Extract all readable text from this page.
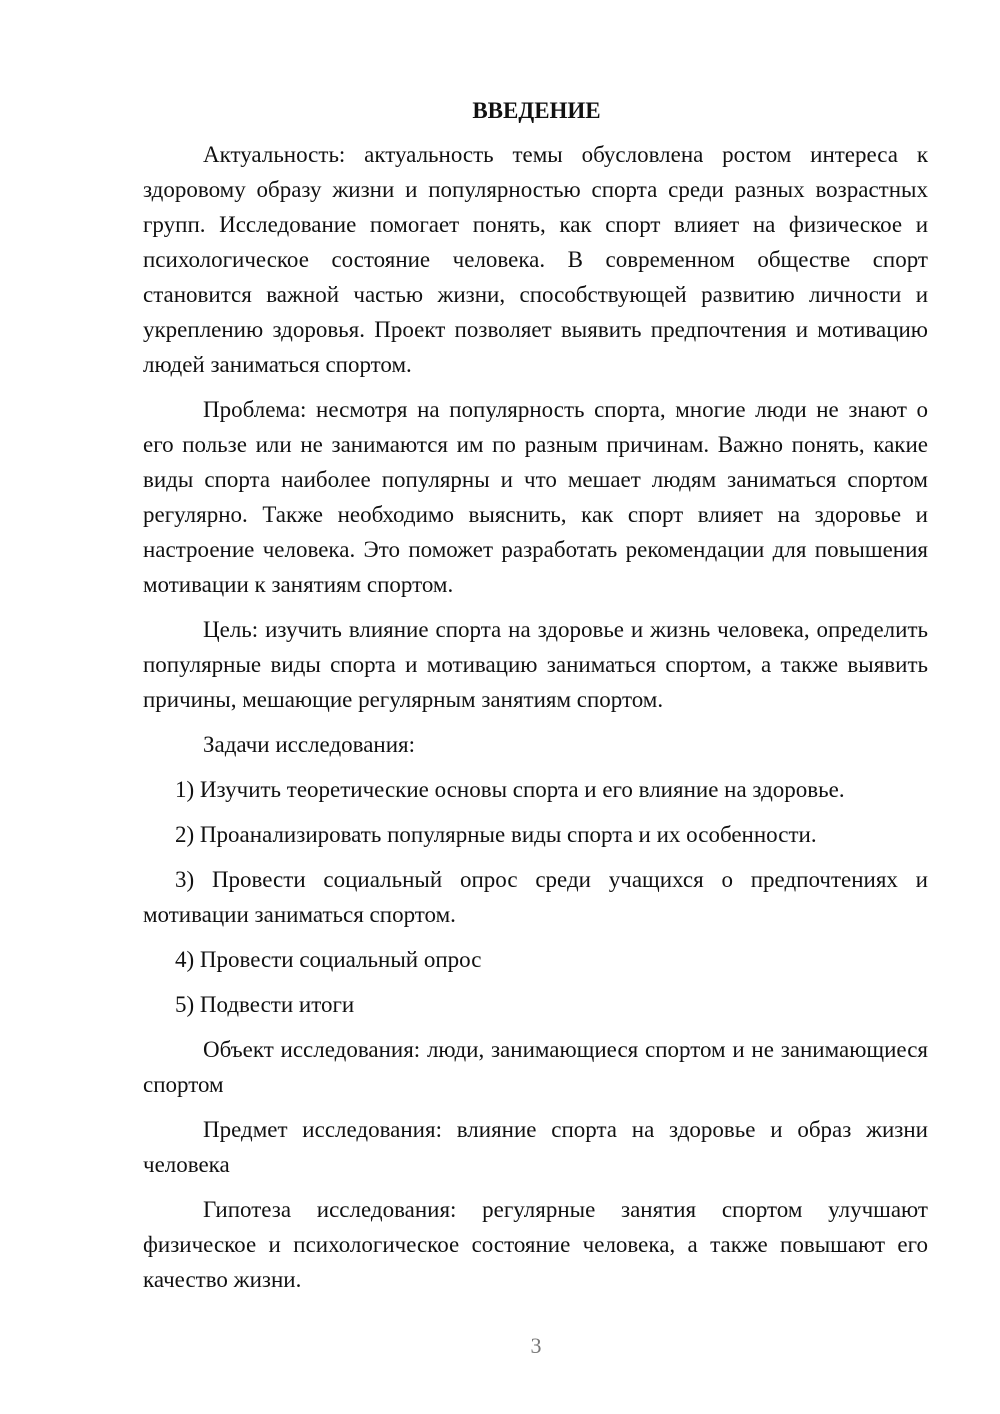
ВВЕДЕНИЕ

Актуальность: актуальность темы обусловлена ростом интереса к здоровому образу жизни и популярностью спорта среди разных возрастных групп. Исследование помогает понять, как спорт влияет на физическое и психологическое состояние человека. В современном обществе спорт становится важной частью жизни, способствующей развитию личности и укреплению здоровья. Проект позволяет выявить предпочтения и мотивацию людей заниматься спортом.

Проблема: несмотря на популярность спорта, многие люди не знают о его пользе или не занимаются им по разным причинам. Важно понять, какие виды спорта наиболее популярны и что мешает людям заниматься спортом регулярно. Также необходимо выяснить, как спорт влияет на здоровье и настроение человека. Это поможет разработать рекомендации для повышения мотивации к занятиям спортом.

Цель: изучить влияние спорта на здоровье и жизнь человека, определить популярные виды спорта и мотивацию заниматься спортом, а также выявить причины, мешающие регулярным занятиям спортом.

Задачи исследования:

1) Изучить теоретические основы спорта и его влияние на здоровье.

2) Проанализировать популярные виды спорта и их особенности.

3) Провести социальный опрос среди учащихся о предпочтениях и мотивации заниматься спортом.

4) Провести социальный опрос

5) Подвести итоги

Объект исследования: люди, занимающиеся спортом и не занимающиеся спортом

Предмет исследования: влияние спорта на здоровье и образ жизни человека

Гипотеза исследования: регулярные занятия спортом улучшают физическое и психологическое состояние человека, а также повышают его качество жизни.

3
